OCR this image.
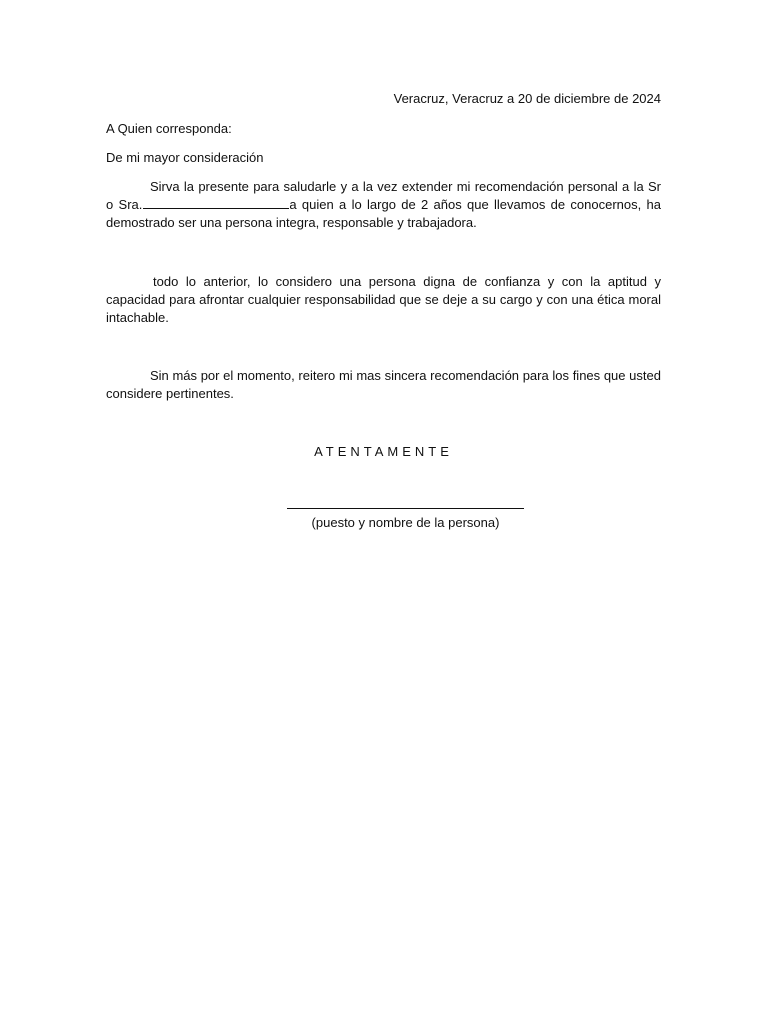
Veracruz, Veracruz a 20 de diciembre de 2024

A Quien corresponda:

De mi mayor consideración

Sirva la presente para saludarle y a la vez extender mi recomendación personal a la Sr o Sra.	a quien a lo largo de 2 años que llevamos de conocernos, ha demostrado ser una persona integra, responsable y trabajadora.

todo lo anterior, lo considero una persona digna de confianza y con la aptitud y capacidad para afrontar cualquier responsabilidad que se deje a su cargo y con una ética moral intachable.

Sin más por el momento, reitero mi mas sincera recomendación para los fines que usted considere pertinentes.

ATENTAMENTE

(puesto y nombre de la persona)
